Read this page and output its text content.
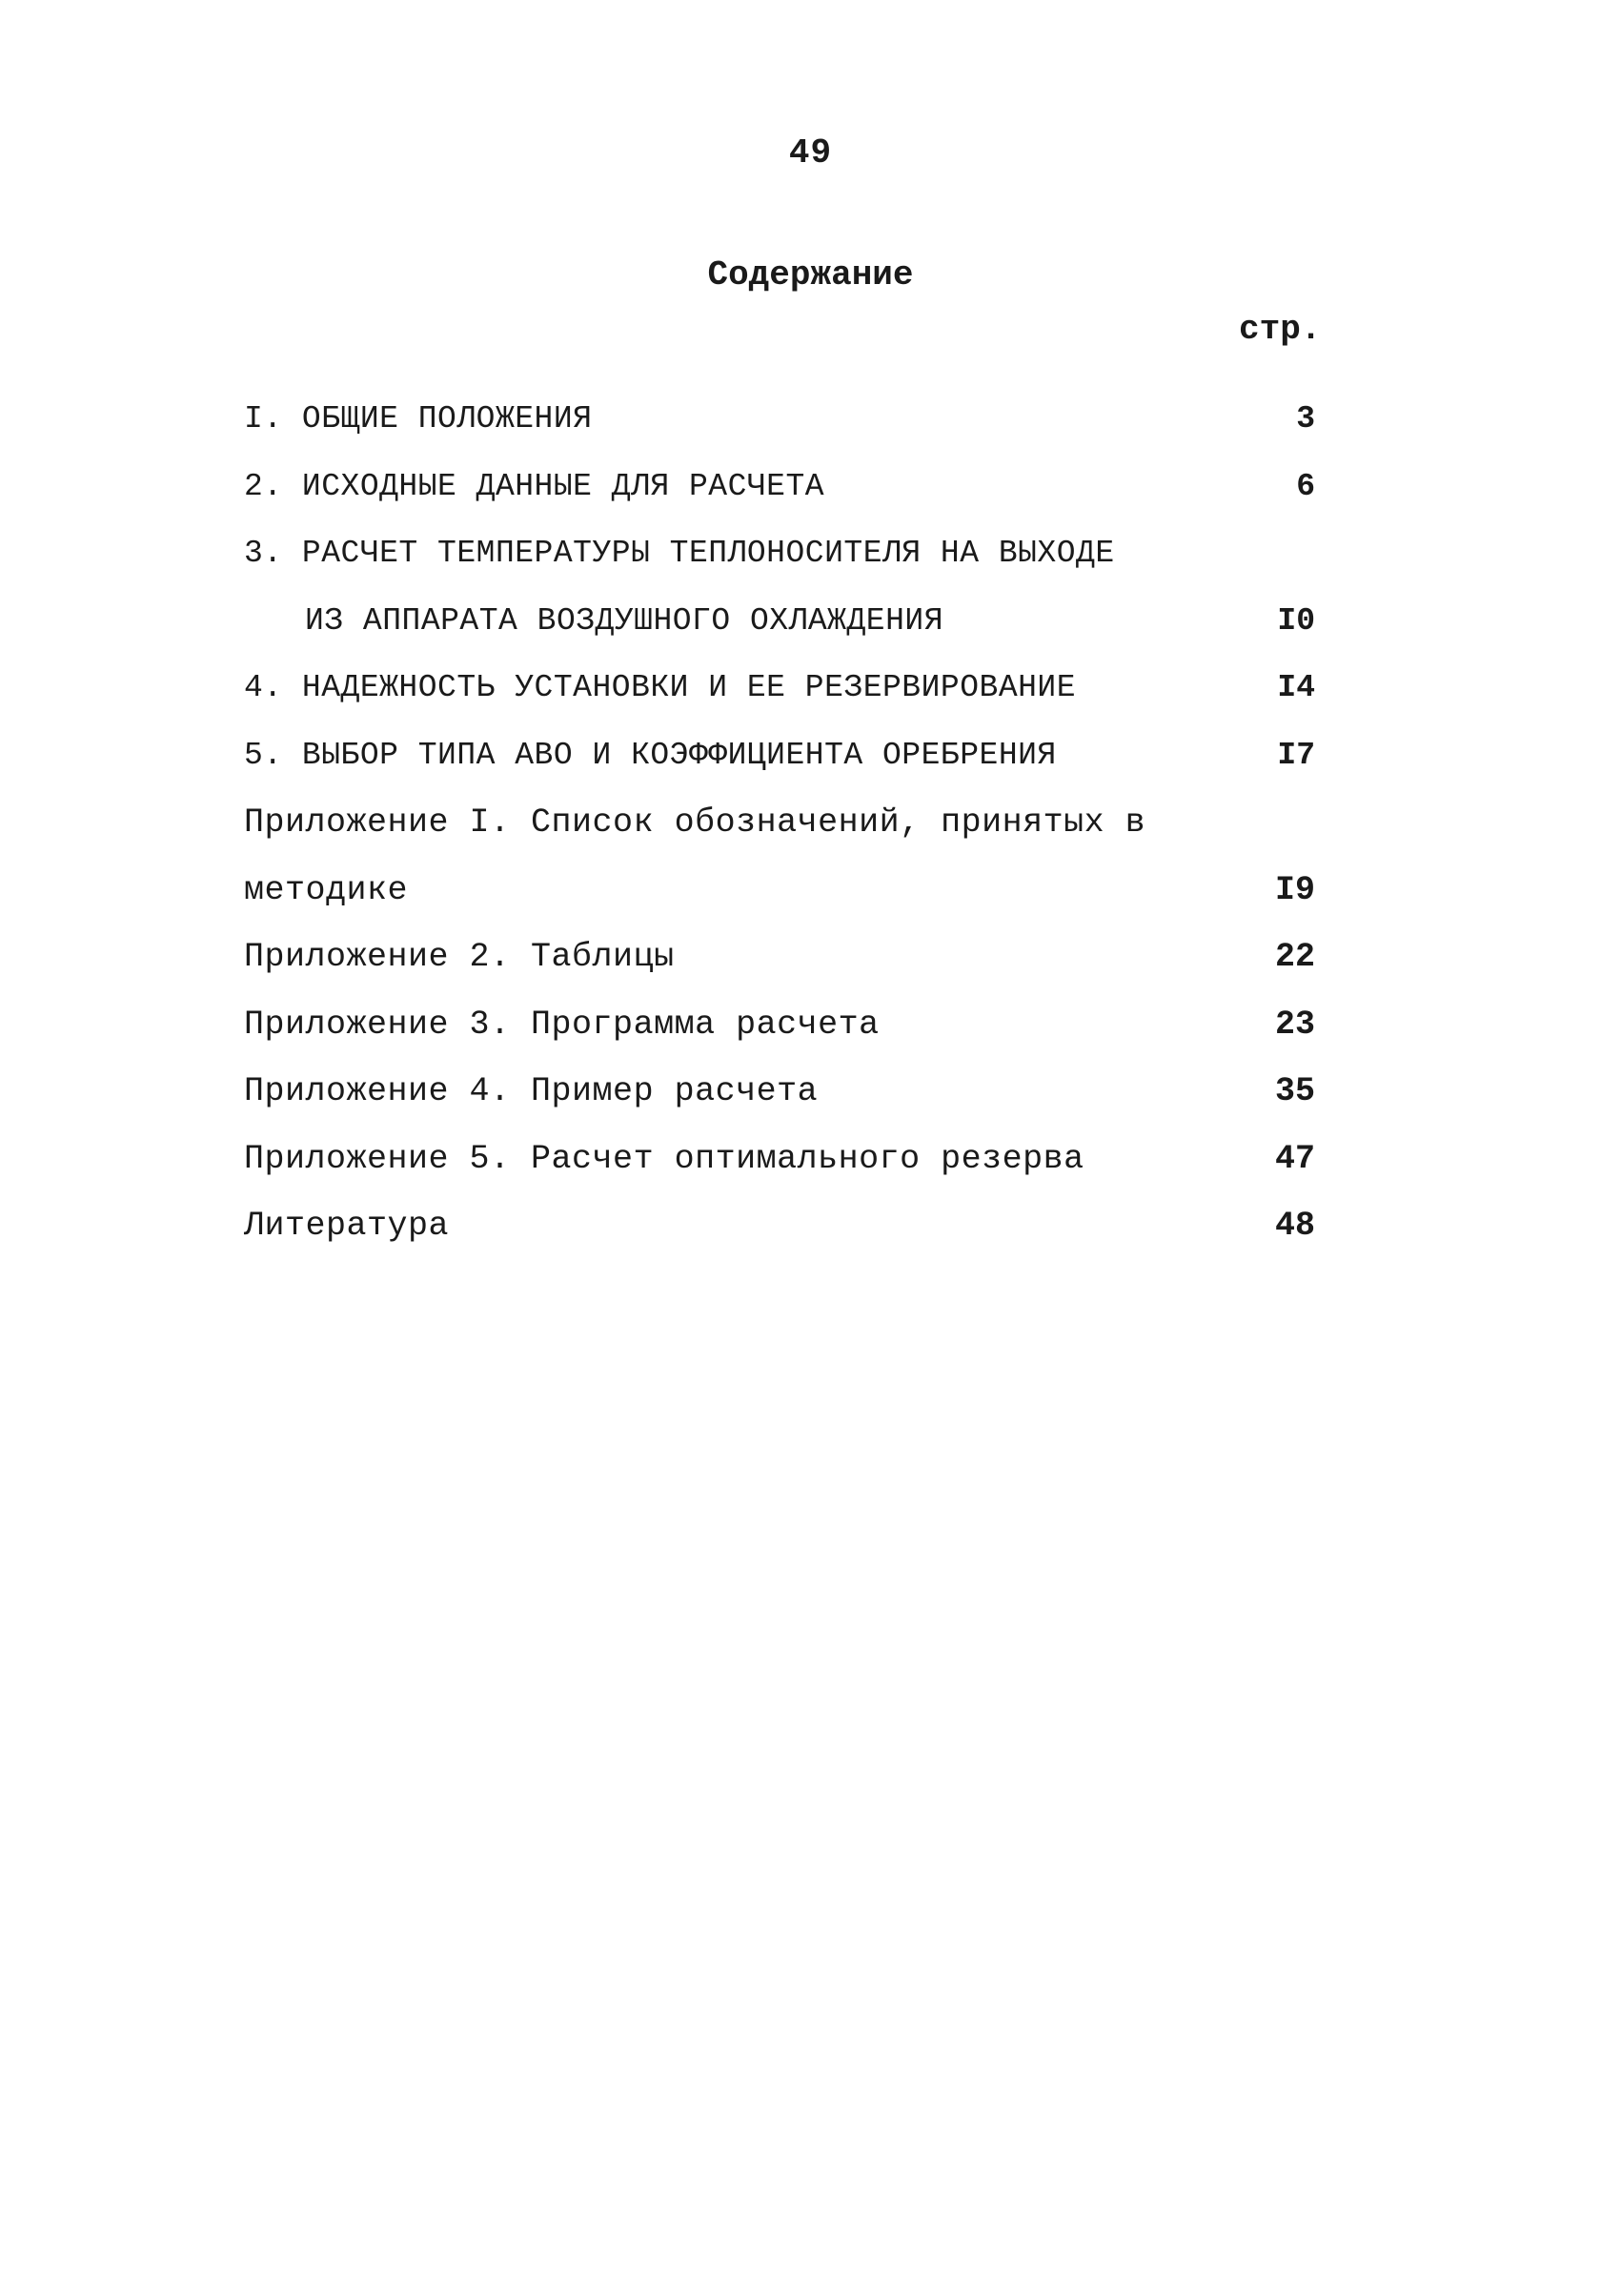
49
Содержание
стр.
I. ОБЩИЕ ПОЛОЖЕНИЯ	3
2. ИСХОДНЫЕ ДАННЫЕ ДЛЯ РАСЧЕТА	6
3. РАСЧЕТ ТЕМПЕРАТУРЫ ТЕПЛОНОСИТЕЛЯ НА ВЫХОДЕ
ИЗ АППАРАТА ВОЗДУШНОГО ОХЛАЖДЕНИЯ	I0
4. НАДЕЖНОСТЬ УСТАНОВКИ И ЕЕ РЕЗЕРВИРОВАНИЕ	I4
5. ВЫБОР ТИПА АВО И КОЭФФИЦИЕНТА ОРЕБРЕНИЯ	I7
Приложение I. Список обозначений, принятых в
методике	I9
Приложение 2. Таблицы	22
Приложение 3. Программа расчета	23
Приложение 4. Пример расчета	35
Приложение 5. Расчет оптимального резерва	47
Литература	48
